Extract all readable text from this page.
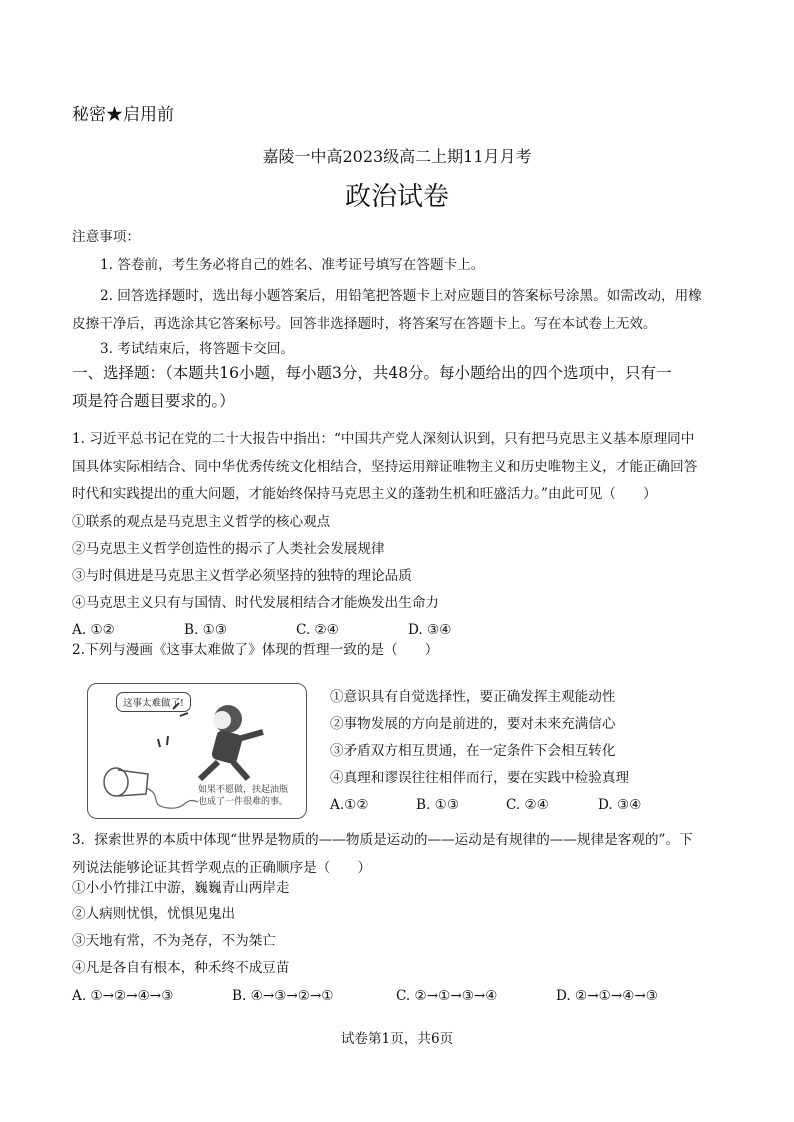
秘密★启用前
嘉陵一中高2023级高二上期11月月考
政治试卷
注意事项：
1. 答卷前，考生务必将自己的姓名、准考证号填写在答题卡上。
2. 回答选择题时，选出每小题答案后，用铅笔把答题卡上对应题目的答案标号涂黑。如需改动，用橡
皮擦干净后，再选涂其它答案标号。回答非选择题时，将答案写在答题卡上。写在本试卷上无效。
3. 考试结束后，将答题卡交回。
一、选择题：（本题共16小题，每小题3分，共48分。每小题给出的四个选项中，只有一
项是符合题目要求的。）
1. 习近平总书记在党的二十大报告中指出：“中国共产党人深刻认识到，只有把马克思主义基本原理同中
国具体实际相结合、同中华优秀传统文化相结合，坚持运用辩证唯物主义和历史唯物主义，才能正确回答
时代和实践提出的重大问题，才能始终保持马克思主义的蓬勃生机和旺盛活力。”由此可见（　　）
①联系的观点是马克思主义哲学的核心观点
②马克思主义哲学创造性的揭示了人类社会发展规律
③与时俱进是马克思主义哲学必须坚持的独特的理论品质
④马克思主义只有与国情、时代发展相结合才能焕发出生命力
A. ①②	B. ①③	C. ②④	D. ③④
2.下列与漫画《这事太难做了》体现的哲理一致的是（　　）
这事太难做了!
如果不愿做，扶起油瓶
也成了一件很难的事。
①意识具有自觉选择性，要正确发挥主观能动性
②事物发展的方向是前进的，要对未来充满信心
③矛盾双方相互贯通，在一定条件下会相互转化
④真理和谬误往往相伴而行，要在实践中检验真理
A.①②	B. ①③	C. ②④	D. ③④
3．探索世界的本质中体现“世界是物质的——物质是运动的——运动是有规律的——规律是客观的”。下
列说法能够论证其哲学观点的正确顺序是（　　）
①小小竹排江中游，巍巍青山两岸走
②人病则忧惧，忧惧见鬼出
③天地有常，不为尧存，不为桀亡
④凡是各自有根本，种禾终不成豆苗
A. ①→②→④→③	B. ④→③→②→①	C. ②→①→③→④	D. ②→①→④→③
试卷第1页，共6页
